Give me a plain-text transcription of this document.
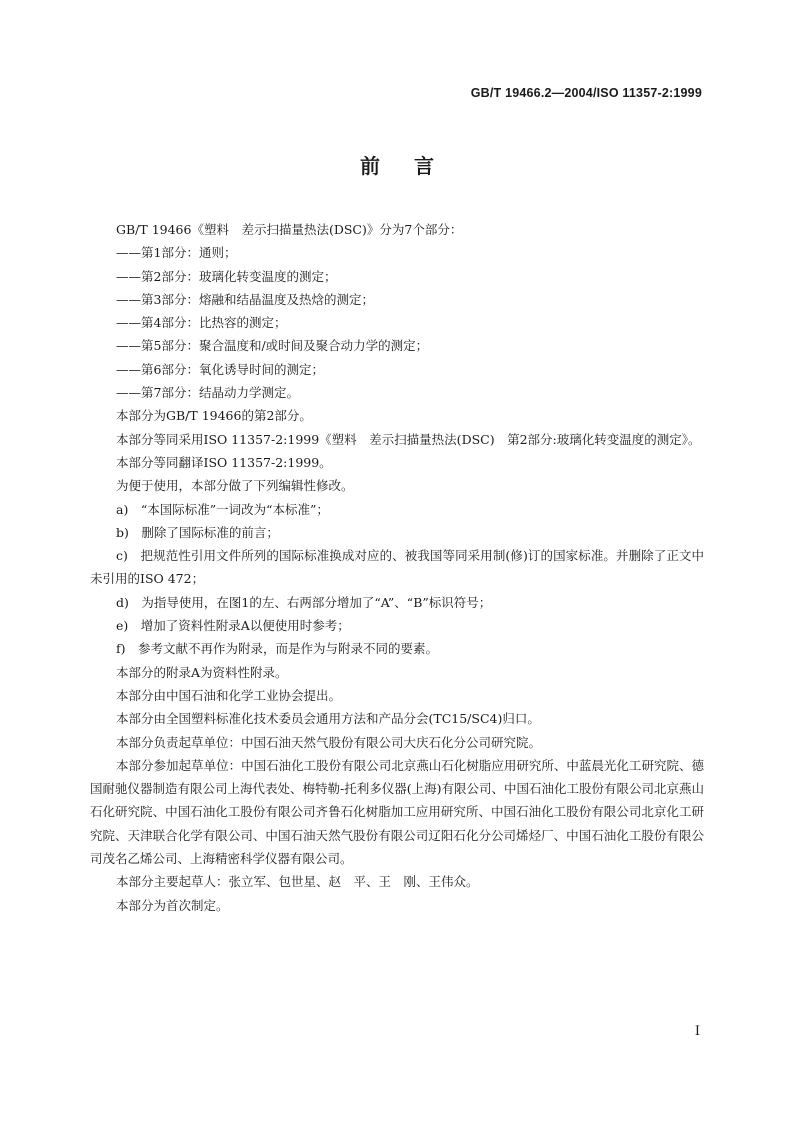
GB/T 19466.2—2004/ISO 11357-2:1999
前言

GB/T 19466《塑料　差示扫描量热法(DSC)》分为7个部分：

——第1部分：通则；

——第2部分：玻璃化转变温度的测定；

——第3部分：熔融和结晶温度及热焓的测定；

——第4部分：比热容的测定；

——第5部分：聚合温度和/或时间及聚合动力学的测定；

——第6部分：氧化诱导时间的测定；

——第7部分：结晶动力学测定。

本部分为GB/T 19466的第2部分。

本部分等同采用ISO 11357-2:1999《塑料　差示扫描量热法(DSC)　第2部分:玻璃化转变温度的测定》。

本部分等同翻译ISO 11357-2:1999。

为便于使用，本部分做了下列编辑性修改。

a)　“本国际标准”一词改为“本标准”；

b)　删除了国际标准的前言；

c)　把规范性引用文件所列的国际标准换成对应的、被我国等同采用制(修)订的国家标准。并删除了正文中未引用的ISO 472；

d)　为指导使用，在图1的左、右两部分增加了“A”、“B”标识符号；

e)　增加了资料性附录A以便使用时参考；

f)　参考文献不再作为附录，而是作为与附录不同的要素。

本部分的附录A为资料性附录。

本部分由中国石油和化学工业协会提出。

本部分由全国塑料标准化技术委员会通用方法和产品分会(TC15/SC4)归口。

本部分负责起草单位：中国石油天然气股份有限公司大庆石化分公司研究院。

本部分参加起草单位：中国石油化工股份有限公司北京燕山石化树脂应用研究所、中蓝晨光化工研究院、德国耐驰仪器制造有限公司上海代表处、梅特勒-托利多仪器(上海)有限公司、中国石油化工股份有限公司北京燕山石化研究院、中国石油化工股份有限公司齐鲁石化树脂加工应用研究所、中国石油化工股份有限公司北京化工研究院、天津联合化学有限公司、中国石油天然气股份有限公司辽阳石化分公司烯烃厂、中国石油化工股份有限公司茂名乙烯公司、上海精密科学仪器有限公司。

本部分主要起草人：张立军、包世星、赵　平、王　刚、王伟众。

本部分为首次制定。

I
